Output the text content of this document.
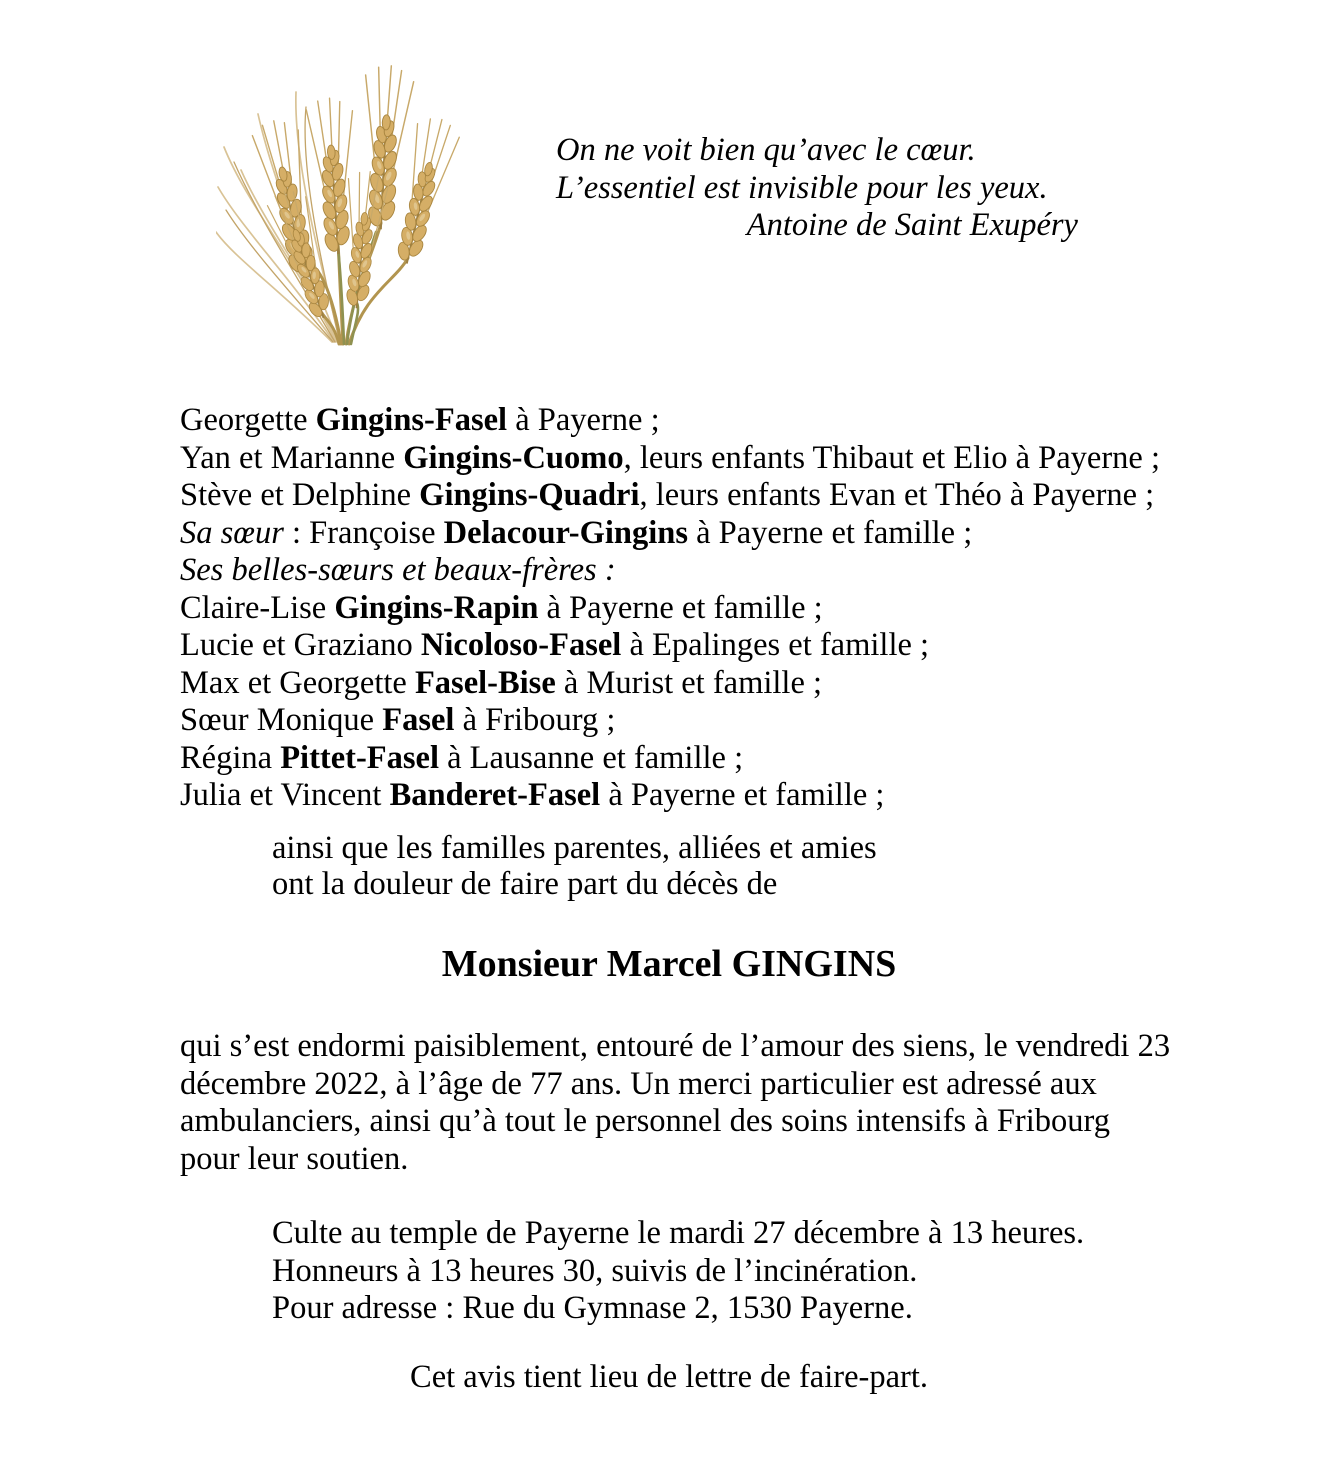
On ne voit bien qu’avec le cœur.
L’essentiel est invisible pour les yeux.
Antoine de Saint Exupéry
Georgette Gingins-Fasel à Payerne ;
Yan et Marianne Gingins-Cuomo, leurs enfants Thibaut et Elio à Payerne ;
Stève et Delphine Gingins-Quadri, leurs enfants Evan et Théo à Payerne ;
Sa sœur : Françoise Delacour-Gingins à Payerne et famille ;
Ses belles-sœurs et beaux-frères :
Claire-Lise Gingins-Rapin à Payerne et famille ;
Lucie et Graziano Nicoloso-Fasel à Epalinges et famille ;
Max et Georgette Fasel-Bise à Murist et famille ;
Sœur Monique Fasel à Fribourg ;
Régina Pittet-Fasel à Lausanne et famille ;
Julia et Vincent Banderet-Fasel à Payerne et famille ;
ainsi que les familles parentes, alliées et amies
ont la douleur de faire part du décès de
Monsieur Marcel GINGINS
qui s’est endormi paisiblement, entouré de l’amour des siens, le vendredi 23
décembre 2022, à l’âge de 77 ans. Un merci particulier est adressé aux
ambulanciers, ainsi qu’à tout le personnel des soins intensifs à Fribourg
pour leur soutien.
Culte au temple de Payerne le mardi 27 décembre à 13 heures.
Honneurs à 13 heures 30, suivis de l’incinération.
Pour adresse : Rue du Gymnase 2, 1530 Payerne.
Cet avis tient lieu de lettre de faire-part.
